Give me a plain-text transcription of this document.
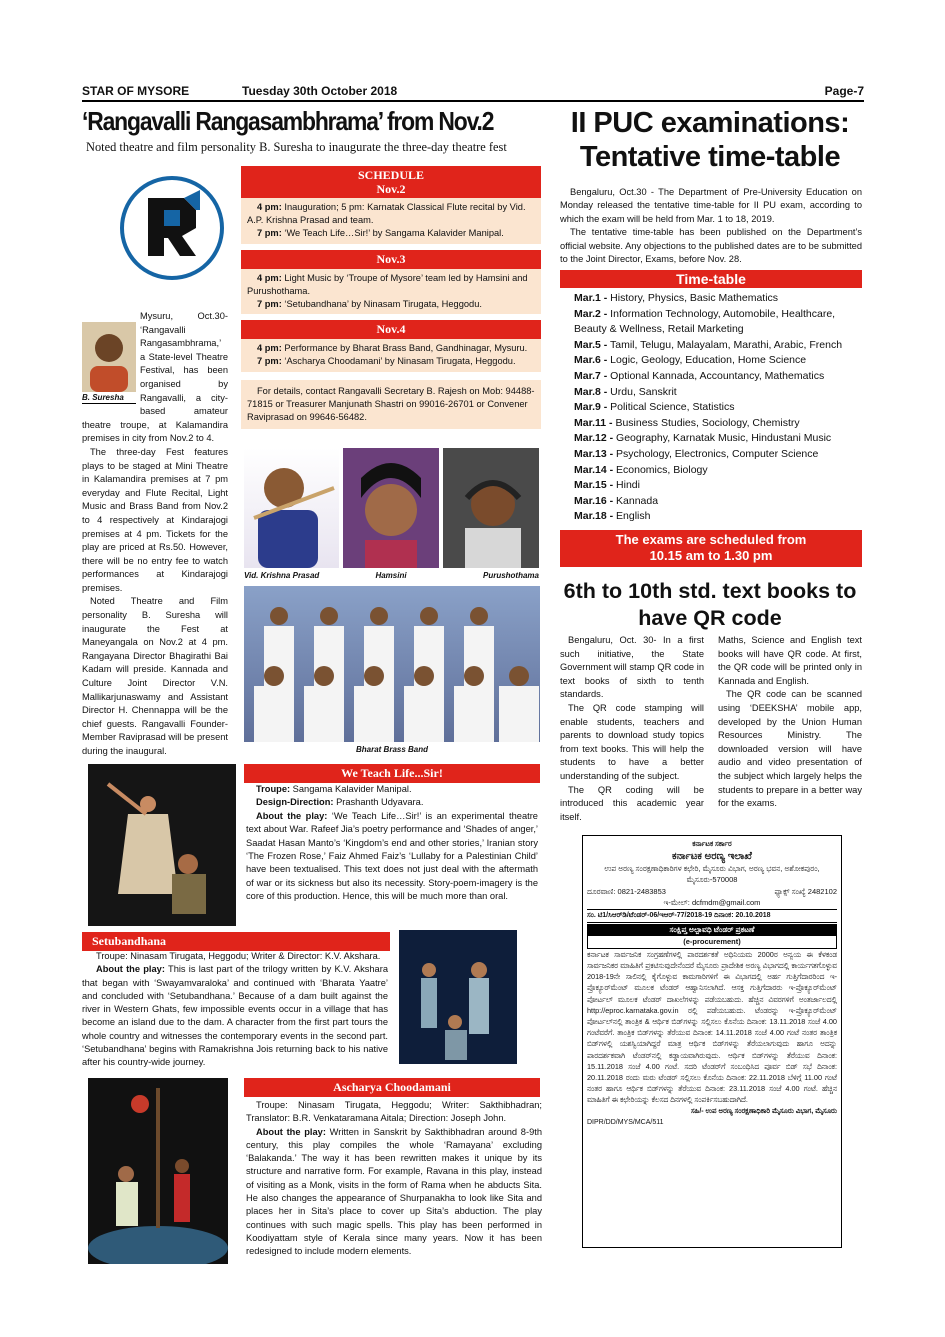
STAR OF MYSORE	Tuesday 30th October 2018	Page-7
‘Rangavalli Rangasambhrama’ from Nov.2
Noted theatre and film personality B. Suresha to inaugurate the three-day theatre fest
B. Suresha

Mysuru, Oct.30- ‘Rangavalli Rangasambhrama,’ a State-level Theatre Festival, has been organised by Rangavalli, a city-based amateur theatre troupe, at Kalamandira premises in city from Nov.2 to 4.

The three-day Fest features plays to be staged at Mini Theatre in Kalamandira premises at 7 pm everyday and Flute Recital, Light Music and Brass Band from Nov.2 to 4 respectively at Kindarajogi premises at 4 pm. Tickets for the play are priced at Rs.50. However, there will be no entry fee to watch performances at Kindarajogi premises.

Noted Theatre and Film personality B. Suresha will inaugurate the Fest at Maneyangala on Nov.2 at 4 pm. Rangayana Director Bhagirathi Bai Kadam will preside. Kannada and Culture Joint Director V.N. Mallikarjunaswamy and Assistant Director H. Chennappa will be the chief guests. Rangavalli Founder-Member Raviprasad will be present during the inaugural.

SCHEDULE
Nov.2
4 pm: Inauguration; 5 pm: Karnatak Classical Flute recital by Vid. A.P. Krishna Prasad and team.
7 pm: ‘We Teach Life…Sir!’ by Sangama Kalavider Manipal.
Nov.3
4 pm: Light Music by ‘Troupe of Mysore’ team led by Hamsini and Purushothama.
7 pm: ‘Setubandhana’ by Ninasam Tirugata, Heggodu.
Nov.4
4 pm: Performance by Bharat Brass Band, Gandhinagar, Mysuru.
7 pm: ‘Ascharya Choodamani’ by Ninasam Tirugata, Heggodu.
For details, contact Rangavalli Secretary B. Rajesh on Mob: 94488-71815 or Treasurer Manjunath Shastri on 99016-26701 or Convener Raviprasad on 99646-56482.
Vid. Krishna Prasad	Hamsini	Purushothama
Bharat Brass Band
We Teach Life...Sir!
Troupe: Sangama Kalavider Manipal.
Design-Direction: Prashanth Udyavara.
About the play: ‘We Teach Life…Sir!’ is an experimental theatre text about War. Rafeef Jia’s poetry performance and ‘Shades of anger,’ Saadat Hasan Manto’s ‘Kingdom’s end and other stories,’ Iranian story ‘The Frozen Rose,’ Faiz Ahmed Faiz’s ‘Lullaby for a Palestinian Child’ have been textualised. This text does not just deal with the aftermath of war or its sickness but also its necessity. Story-poem-imagery is the core of this production. Hence, this will be much more than oral.
Setubandhana
Troupe: Ninasam Tirugata, Heggodu; Writer & Director: K.V. Akshara.
About the play: This is last part of the trilogy written by K.V. Akshara that began with ‘Swayamvaraloka’ and continued with ‘Bharata Yaatre’ and concluded with ‘Setubandhana.’ Because of a dam built against the river in Western Ghats, few impossible events occur in a village that has become an island due to the dam. A character from the first part tours the whole country and witnesses the contemporary events in the second part. ‘Setubandhana’ begins with Ramakrishna Jois returning back to his native after his country-wide journey.
Ascharya Choodamani
Troupe: Ninasam Tirugata, Heggodu; Writer: Sakthibhadran; Translator: B.R. Venkataramana Aitala; Direction: Joseph John.
About the play: Written in Sanskrit by Sakthibhadran around 8-9th century, this play compiles the whole ‘Ramayana’ excluding ‘Balakanda.’ The way it has been rewritten makes it unique by its structure and narrative form. For example, Ravana in this play, instead of visiting as a Monk, visits in the form of Rama when he abducts Sita. He also changes the appearance of Shurpanakha to look like Sita and places her in Sita’s place to cover up Sita’s abduction. The play continues with such magic spells. This play has been performed in Koodiyattam style of Kerala since many years. Now it has been redesigned to include modern elements.
II PUC examinations: Tentative time-table

Bengaluru, Oct.30 - The Department of Pre-University Education on Monday released the tentative time-table for II PU exam, according to which the exam will be held from Mar. 1 to 18, 2019.

The tentative time-table has been published on the Department’s official website. Any objections to the published dates are to be submitted to the Joint Director, Exams, before Nov. 28.

Time-table
Mar.1 - History, Physics, Basic Mathematics
Mar.2 - Information Technology, Automobile, Healthcare, Beauty & Wellness, Retail Marketing
Mar.5 - Tamil, Telugu, Malayalam, Marathi, Arabic, French
Mar.6 - Logic, Geology, Education, Home Science
Mar.7 - Optional Kannada, Accountancy, Mathematics
Mar.8 - Urdu, Sanskrit
Mar.9 - Political Science, Statistics
Mar.11 - Business Studies, Sociology, Chemistry
Mar.12 - Geography, Karnatak Music, Hindustani Music
Mar.13 - Psychology, Electronics, Computer Science
Mar.14 - Economics, Biology
Mar.15 - Hindi
Mar.16 - Kannada
Mar.18 - English
The exams are scheduled from 10.15 am to 1.30 pm
6th to 10th std. text books to have QR code

Bengaluru, Oct. 30- In a first such initiative, the State Government will stamp QR code in text books of sixth to tenth standards.

The QR code stamping will enable students, teachers and parents to download study topics from text books. This will help the students to have a better understanding of the subject.

The QR coding will be introduced this academic year itself.

Maths, Science and English text books will have QR code. At first, the QR code will be printed only in Kannada and English.

The QR code can be scanned using ‘DEEKSHA’ mobile app, developed by the Union Human Resources Ministry. The downloaded version will have audio and video presentation of the subject which largely helps the students to prepare in a better way for the exams.

ಕರ್ನಾಟಕ ಸರ್ಕಾರ
ಕರ್ನಾಟಕ ಅರಣ್ಯ ಇಲಾಖೆ
ಉಪ ಅರಣ್ಯ ಸಂರಕ್ಷಣಾಧಿಕಾರಿಗಳ ಕಛೇರಿ, ಮೈಸೂರು ವಿಭಾಗ, ಅರಣ್ಯ ಭವನ, ಅಶೋಕಪುರಂ, ಮೈಸೂರು-570008
ದೂರವಾಣಿ: 0821-2483853	ಫ್ಯಾಕ್ಸ್ ಸಂಖ್ಯೆ 2482102
ಇ-ಮೇಲ್: dcfmdm@gmail.com
ಸಂ. ಟಿ1/ಸಿಆರ್‌ಡಿ/ಟೆಂಡರ್-06/ಇಆರ್-77/2018-19 ದಿನಾಂಕ: 20.10.2018
ಸಂಕ್ಷಿಪ್ತ ಅಲ್ಪಾವಧಿ ಟೆಂಡರ್ ಪ್ರಕಟಣೆ
(e-procurement)
ಕರ್ನಾಟಕ ಸಾರ್ವಜನಿಕ ಸಂಗ್ರಹಣೆಗಳಲ್ಲಿ ಪಾರದರ್ಶಕತೆ ಅಧಿನಿಯಮ 2000ರ ಅನ್ವಯ ಈ ಕೆಳಕಂಡ ಸಾರ್ವಜನಿಕರ ಮಾಹಿತಿಗೆ ಪ್ರಕಟಿಸುವುದೇನೆಂದರೆ ಮೈಸೂರು ಪ್ರಾದೇಶಿಕ ಅರಣ್ಯ ವಿಭಾಗದಲ್ಲಿ ಕಾರ್ಯಗತಗೊಳ್ಳುವ 2018-19ನೇ ಸಾಲಿನಲ್ಲಿ ಕೈಗೊಳ್ಳುವ ಕಾಮಗಾರಿಗಳಿಗೆ ಈ ವಿಭಾಗದಲ್ಲಿ ಅರ್ಹ ಗುತ್ತಿಗೆದಾರರಿಂದ ಇ-ಪ್ರೊಕ್ಯೂರ್‌ಮೆಂಟ್ ಮೂಲಕ ಟೆಂಡರ್ ಆಹ್ವಾನಿಸಲಾಗಿದೆ. ಆಸಕ್ತ ಗುತ್ತಿಗೆದಾರರು ಇ-ಪ್ರೊಕ್ಯೂರ್‌ಮೆಂಟ್ ಪೋರ್ಟಲ್ ಮೂಲಕ ಟೆಂಡರ್ ದಾಖಲೆಗಳನ್ನು ಪಡೆಯಬಹುದು. ಹೆಚ್ಚಿನ ವಿವರಗಳಿಗೆ ಅಂತರ್ಜಾಲದಲ್ಲಿ http://eproc.karnataka.gov.in ರಲ್ಲಿ ಪಡೆಯಬಹುದು. ಟೆಂಡರನ್ನು ಇ-ಪ್ರೊಕ್ಯೂರ್‌ಮೆಂಟ್ ಪೋರ್ಟಲ್‌ನಲ್ಲಿ ತಾಂತ್ರಿಕ & ಆರ್ಥಿಕ ಬಿಡ್‌ಗಳನ್ನು ಸಲ್ಲಿಸಲು ಕೊನೆಯ ದಿನಾಂಕ: 13.11.2018 ಸಂಜೆ 4.00 ಗಂಟೆವರೆಗೆ. ತಾಂತ್ರಿಕ ಬಿಡ್‌ಗಳನ್ನು ತೆರೆಯುವ ದಿನಾಂಕ: 14.11.2018 ಸಂಜೆ 4.00 ಗಂಟೆ ನಂತರ ತಾಂತ್ರಿಕ ಬಿಡ್‌ಗಳಲ್ಲಿ ಯಶಸ್ವಿಯಾಗಿದ್ದರೆ ಮಾತ್ರ ಆರ್ಥಿಕ ಬಿಡ್‌ಗಳನ್ನು ತೆರೆಯಲಾಗುವುದು ಹಾಗೂ ಅದನ್ನು ಪಾರದರ್ಶಕವಾಗಿ ಟೆಂಡರ್‌ನಲ್ಲಿ ಕಡ್ಡಾಯವಾಗಿರುವುದು. ಆರ್ಥಿಕ ಬಿಡ್‌ಗಳನ್ನು ತೆರೆಯುವ ದಿನಾಂಕ: 15.11.2018 ಸಂಜೆ 4.00 ಗಂಟೆ. ಸದರಿ ಟೆಂಡರ್‌ಗೆ ಸಂಬಂಧಿಸಿದ ಪೂರ್ವ ಬಿಡ್ ಸಭೆ ದಿನಾಂಕ: 20.11.2018 ರಂದು ಮರು ಟೆಂಡರ್ ಸಲ್ಲಿಸಲು ಕೊನೆಯ ದಿನಾಂಕ: 22.11.2018 ಬೆಳಿಗ್ಗೆ 11.00 ಗಂಟೆ ನಂತರ ಹಾಗೂ ಆರ್ಥಿಕ ಬಿಡ್‌ಗಳನ್ನು ತೆರೆಯುವ ದಿನಾಂಕ: 23.11.2018 ಸಂಜೆ 4.00 ಗಂಟೆ. ಹೆಚ್ಚಿನ ಮಾಹಿತಿಗೆ ಈ ಕಛೇರಿಯನ್ನು ಕೆಲಸದ ದಿನಗಳಲ್ಲಿ ಸಂಪರ್ಕಿಸಬಹುದಾಗಿದೆ.
ಸಹಿ/- ಉಪ ಅರಣ್ಯ ಸಂರಕ್ಷಣಾಧಿಕಾರಿ ಮೈಸೂರು ವಿಭಾಗ, ಮೈಸೂರು
DIPR/DD/MYS/MCA/511
